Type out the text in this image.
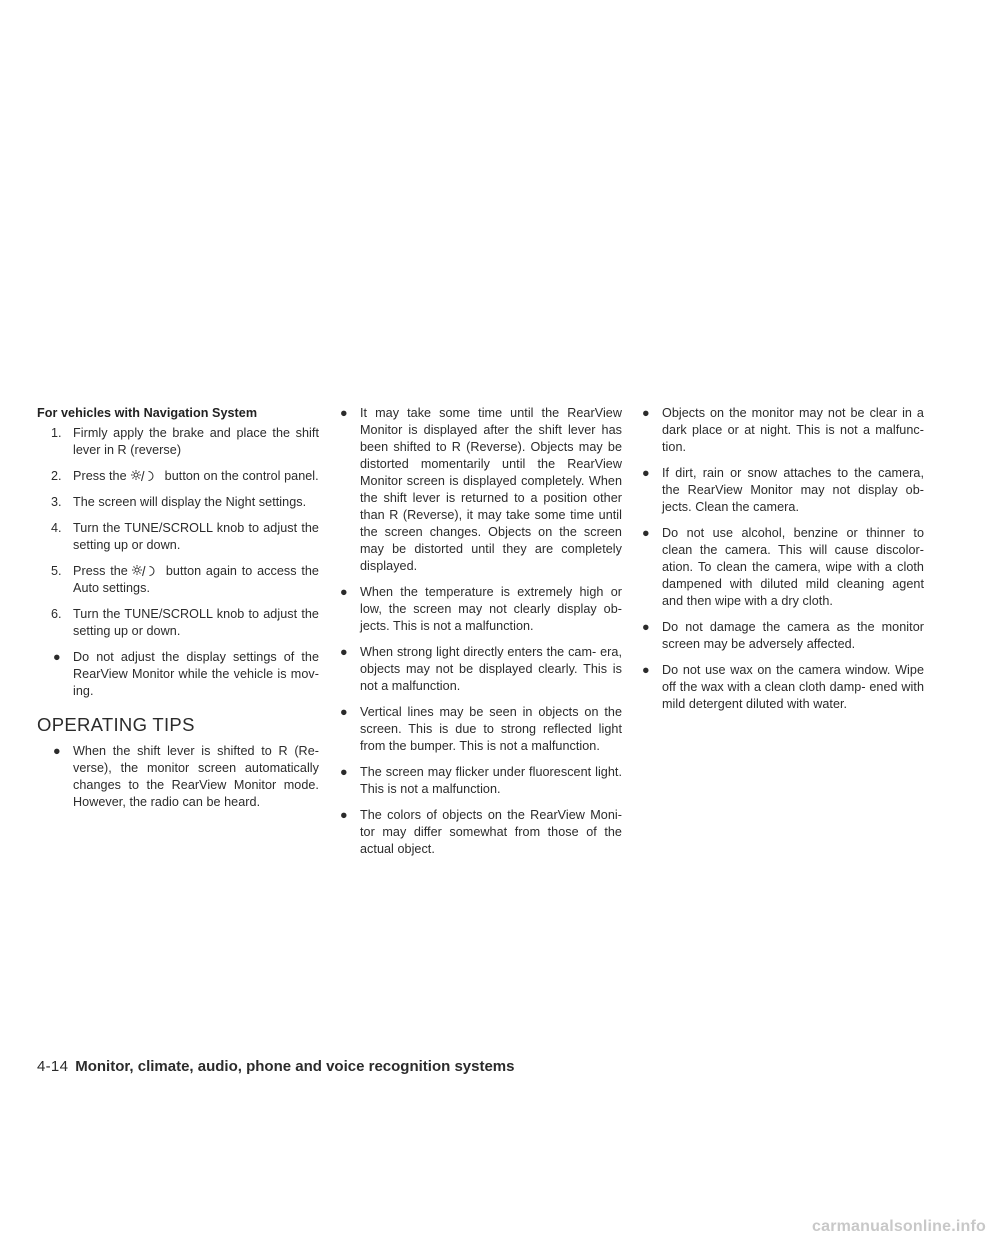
For vehicles with Navigation System
1. Firmly apply the brake and place the shift lever in R (reverse)
2. Press the	button on the control panel.
3. The screen will display the Night settings.
4. Turn the TUNE/SCROLL knob to adjust the setting up or down.
5. Press the	button again to access the Auto settings.
6. Turn the TUNE/SCROLL knob to adjust the setting up or down.
● Do not adjust the display settings of the RearView Monitor while the vehicle is mov- ing.
OPERATING TIPS
● When the shift lever is shifted to R (Re- verse), the monitor screen automatically changes to the RearView Monitor mode. However, the radio can be heard.
● It may take some time until the RearView Monitor is displayed after the shift lever has been shifted to R (Reverse). Objects may be distorted momentarily until the RearView Monitor screen is displayed completely. When the shift lever is returned to a position other than R (Reverse), it may take some time until the screen changes. Objects on the screen may be distorted until they are completely displayed.
● When the temperature is extremely high or low, the screen may not clearly display ob- jects. This is not a malfunction.
● When strong light directly enters the cam- era, objects may not be displayed clearly. This is not a malfunction.
● Vertical lines may be seen in objects on the screen. This is due to strong reflected light from the bumper. This is not a malfunction.
● The screen may flicker under fluorescent light. This is not a malfunction.
● The colors of objects on the RearView Moni- tor may differ somewhat from those of the actual object.
● Objects on the monitor may not be clear in a dark place or at night. This is not a malfunc- tion.
● If dirt, rain or snow attaches to the camera, the RearView Monitor may not display ob- jects. Clean the camera.
● Do not use alcohol, benzine or thinner to clean the camera. This will cause discolor- ation. To clean the camera, wipe with a cloth dampened with diluted mild cleaning agent and then wipe with a dry cloth.
● Do not damage the camera as the monitor screen may be adversely affected.
● Do not use wax on the camera window. Wipe off the wax with a clean cloth damp- ened with mild detergent diluted with water.
4-14 Monitor, climate, audio, phone and voice recognition systems
carmanualsonline.info
